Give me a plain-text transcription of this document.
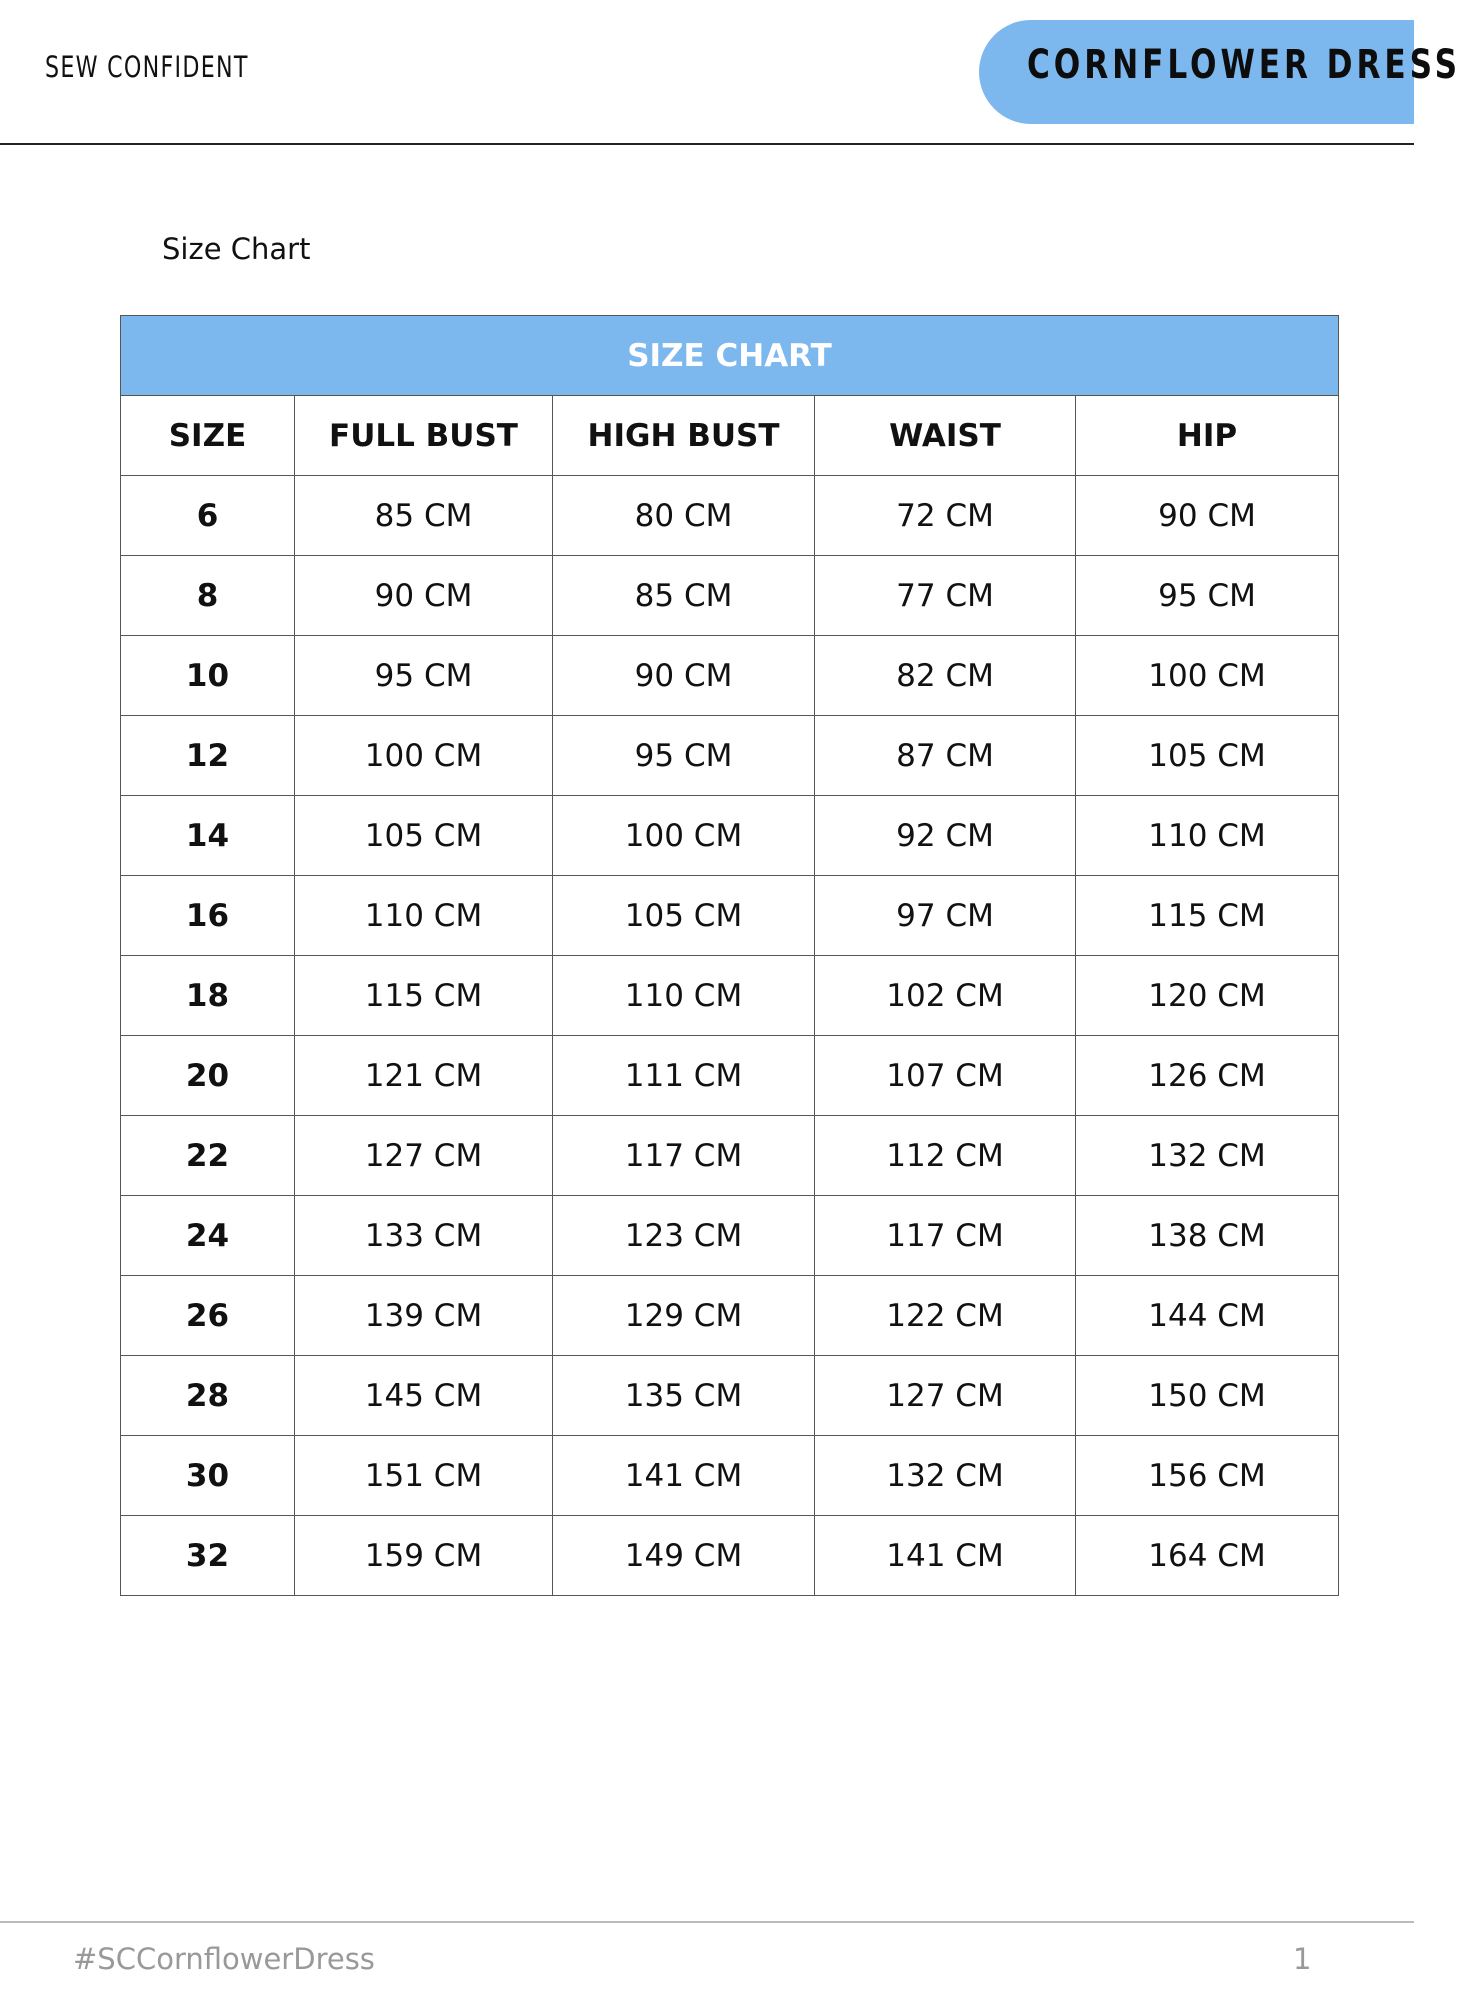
SEW CONFIDENT	CORNFLOWER DRESS
Size Chart
SIZE CHART				
SIZE	FULL BUST	HIGH BUST	WAIST	HIP
6	85 CM	80 CM	72 CM	90 CM
8	90 CM	85 CM	77 CM	95 CM
10	95 CM	90 CM	82 CM	100 CM
12	100 CM	95 CM	87 CM	105 CM
14	105 CM	100 CM	92 CM	110 CM
16	110 CM	105 CM	97 CM	115 CM
18	115 CM	110 CM	102 CM	120 CM
20	121 CM	111 CM	107 CM	126 CM
22	127 CM	117 CM	112 CM	132 CM
24	133 CM	123 CM	117 CM	138 CM
26	139 CM	129 CM	122 CM	144 CM
28	145 CM	135 CM	127 CM	150 CM
30	151 CM	141 CM	132 CM	156 CM
32	159 CM	149 CM	141 CM	164 CM
#SCCornflowerDress	1
